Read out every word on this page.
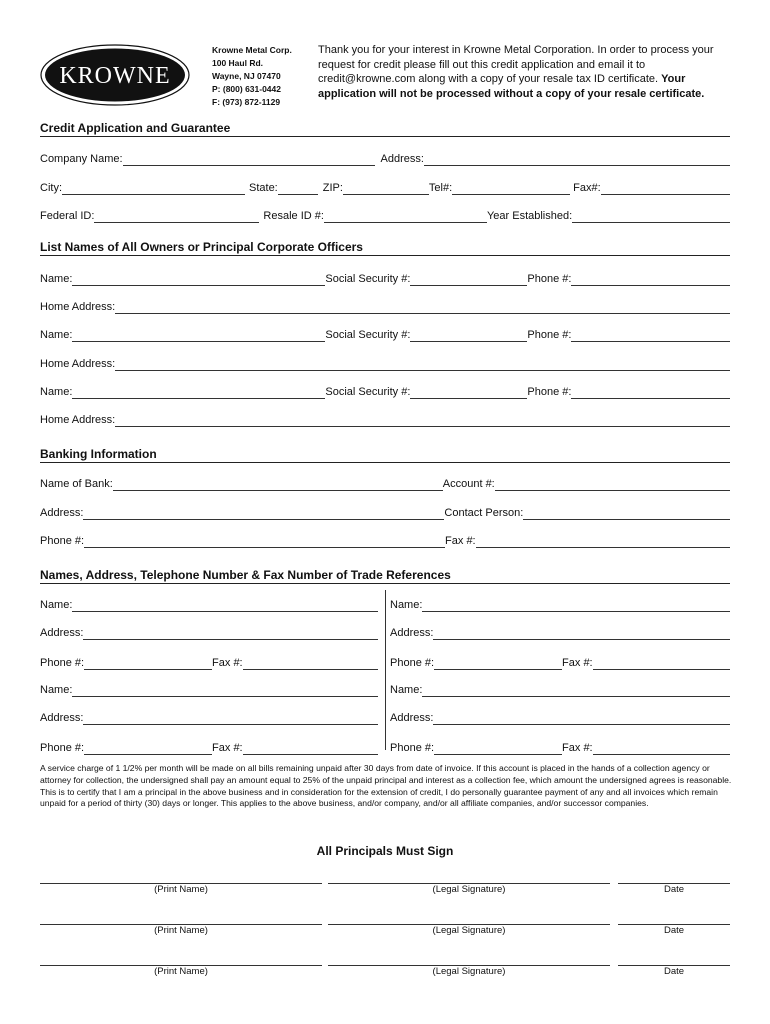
KROWNE
Krowne Metal Corp.
100 Haul Rd.
Wayne, NJ 07470
P: (800) 631-0442
F: (973) 872-1129
Thank you for your interest in Krowne Metal Corporation. In order to process your request for credit please fill out this credit application and email it to credit@krowne.com along with a copy of your resale tax ID certificate. Your application will not be processed without a copy of your resale certificate.
Credit Application and Guarantee
Company Name:	Address:
City:	State:	ZIP:	Tel#:	Fax#:
Federal ID:	Resale ID #:	Year Established:
List Names of All Owners or Principal Corporate Officers
Name:	Social Security #:	Phone #:
Home Address:
Name:	Social Security #:	Phone #:
Home Address:
Name:	Social Security #:	Phone #:
Home Address:
Banking Information
Name of Bank:	Account #:
Address:	Contact Person:
Phone #:	Fax #:
Names, Address, Telephone Number & Fax Number of Trade References
Name:
Address:
Phone #:	Fax #:
Name:
Address:
Phone #:	Fax #:
Name:
Address:
Phone #:	Fax #:
Name:
Address:
Phone #:	Fax #:
A service charge of 1 1/2% per month will be made on all bills remaining unpaid after 30 days from date of invoice. If this account is placed in the hands of a collection agency or attorney for collection, the undersigned shall pay an amount equal to 25% of the unpaid principal and interest as a collection fee, which amount the undersigned agrees is reasonable. This is to certify that I am a principal in the above business and in consideration for the extension of credit, I do personally guarantee payment of any and all invoices which remain unpaid for a period of thirty (30) days or longer. This applies to the above business, and/or company, and/or all affiliate companies, and/or successor companies.
All Principals Must Sign
(Print Name)	(Legal Signature)	Date
(Print Name)	(Legal Signature)	Date
(Print Name)	(Legal Signature)	Date
